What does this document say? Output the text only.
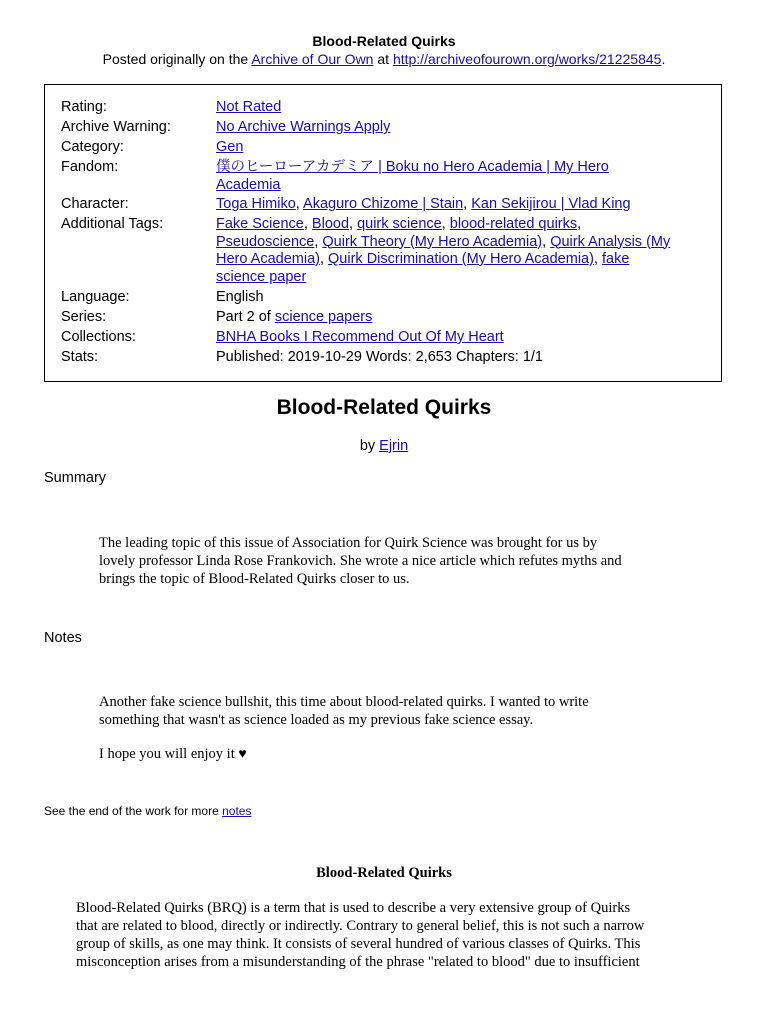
Blood-Related Quirks
Posted originally on the Archive of Our Own at http://archiveofourown.org/works/21225845.
Rating:	Not Rated
Archive Warning:	No Archive Warnings Apply
Category:	Gen
Fandom:	僕のヒーローアカデミア | Boku no Hero Academia | My Hero
Academia
Character:	Toga Himiko, Akaguro Chizome | Stain, Kan Sekijirou | Vlad King
Additional Tags:	Fake Science, Blood, quirk science, blood-related quirks,
Pseudoscience, Quirk Theory (My Hero Academia), Quirk Analysis (My
Hero Academia), Quirk Discrimination (My Hero Academia), fake
science paper
Language:	English
Series:	Part 2 of science papers
Collections:	BNHA Books I Recommend Out Of My Heart
Stats:	Published: 2019-10-29 Words: 2,653 Chapters: 1/1
Blood-Related Quirks
by Ejrin
Summary
The leading topic of this issue of Association for Quirk Science was brought for us by
lovely professor Linda Rose Frankovich. She wrote a nice article which refutes myths and
brings the topic of Blood-Related Quirks closer to us.
Notes
Another fake science bullshit, this time about blood-related quirks. I wanted to write
something that wasn't as science loaded as my previous fake science essay.
I hope you will enjoy it ♥
See the end of the work for more notes
Blood-Related Quirks
Blood-Related Quirks (BRQ) is a term that is used to describe a very extensive group of Quirks
that are related to blood, directly or indirectly. Contrary to general belief, this is not such a narrow
group of skills, as one may think. It consists of several hundred of various classes of Quirks. This
misconception arises from a misunderstanding of the phrase "related to blood" due to insufficient
